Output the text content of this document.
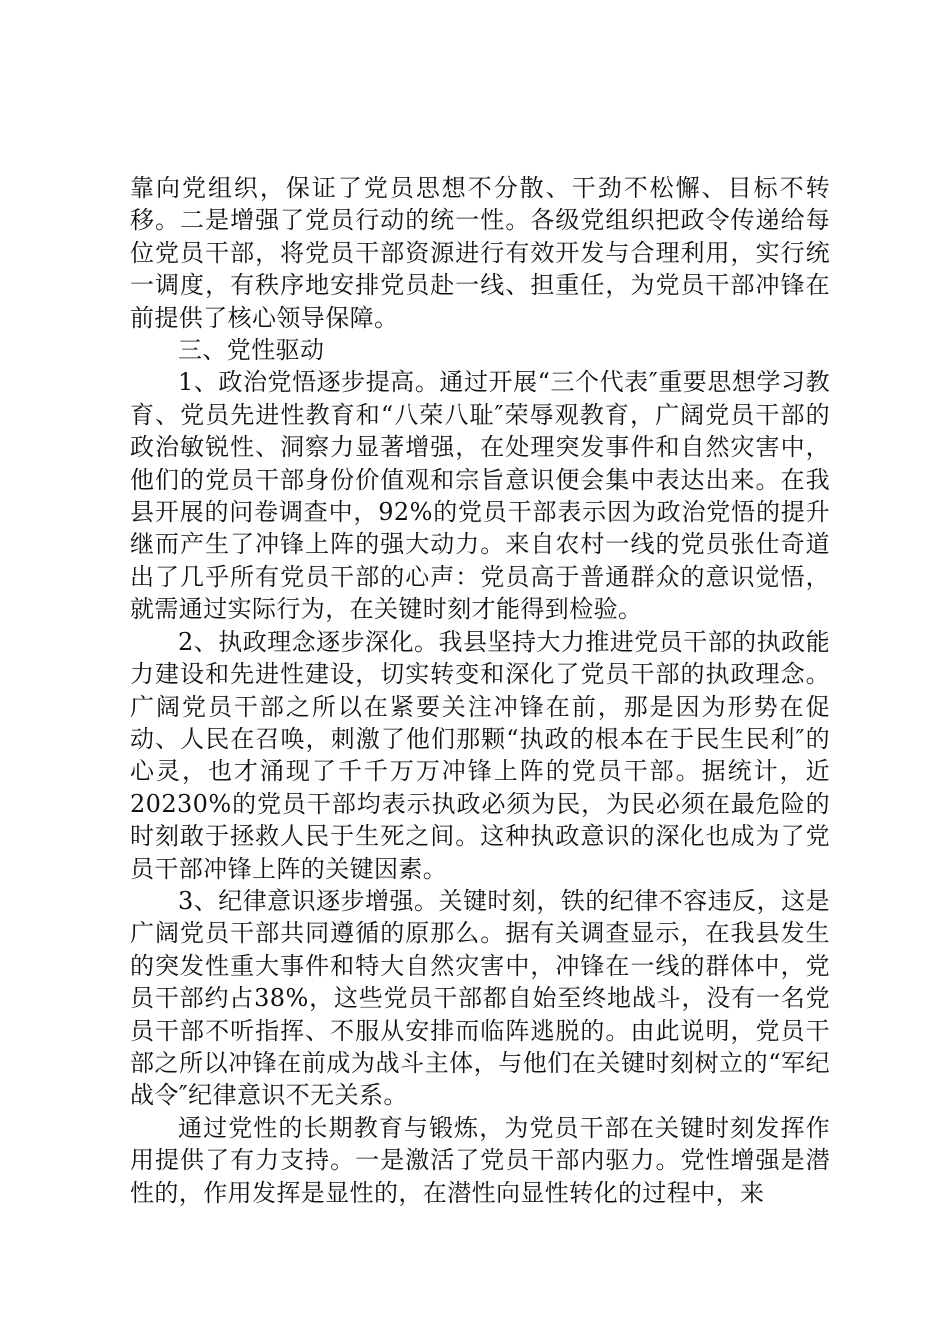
靠向党组织，保证了党员思想不分散、干劲不松懈、目标不转移。二是增强了党员行动的统一性。各级党组织把政令传递给每位党员干部，将党员干部资源进行有效开发与合理利用，实行统一调度，有秩序地安排党员赴一线、担重任，为党员干部冲锋在前提供了核心领导保障。

三、党性驱动

1、政治党悟逐步提高。通过开展“三个代表″重要思想学习教育、党员先进性教育和“八荣八耻″荣辱观教育，广阔党员干部的政治敏锐性、洞察力显著增强，在处理突发事件和自然灾害中，他们的党员干部身份价值观和宗旨意识便会集中表达出来。在我县开展的问卷调查中，92%的党员干部表示因为政治党悟的提升继而产生了冲锋上阵的强大动力。来自农村一线的党员张仕奇道出了几乎所有党员干部的心声：党员高于普通群众的意识觉悟，就需通过实际行为，在关键时刻才能得到检验。

2、执政理念逐步深化。我县坚持大力推进党员干部的执政能力建设和先进性建设，切实转变和深化了党员干部的执政理念。广阔党员干部之所以在紧要关注冲锋在前，那是因为形势在促动、人民在召唤，刺激了他们那颗“执政的根本在于民生民利″的心灵，也才涌现了千千万万冲锋上阵的党员干部。据统计，近20230%的党员干部均表示执政必须为民，为民必须在最危险的时刻敢于拯救人民于生死之间。这种执政意识的深化也成为了党员干部冲锋上阵的关键因素。

3、纪律意识逐步增强。关键时刻，铁的纪律不容违反，这是广阔党员干部共同遵循的原那么。据有关调查显示，在我县发生的突发性重大事件和特大自然灾害中，冲锋在一线的群体中，党员干部约占38%，这些党员干部都自始至终地战斗，没有一名党员干部不听指挥、不服从安排而临阵逃脱的。由此说明，党员干部之所以冲锋在前成为战斗主体，与他们在关键时刻树立的“军纪战令″纪律意识不无关系。

通过党性的长期教育与锻炼，为党员干部在关键时刻发挥作用提供了有力支持。一是激活了党员干部内驱力。党性增强是潜性的，作用发挥是显性的，在潜性向显性转化的过程中，来
